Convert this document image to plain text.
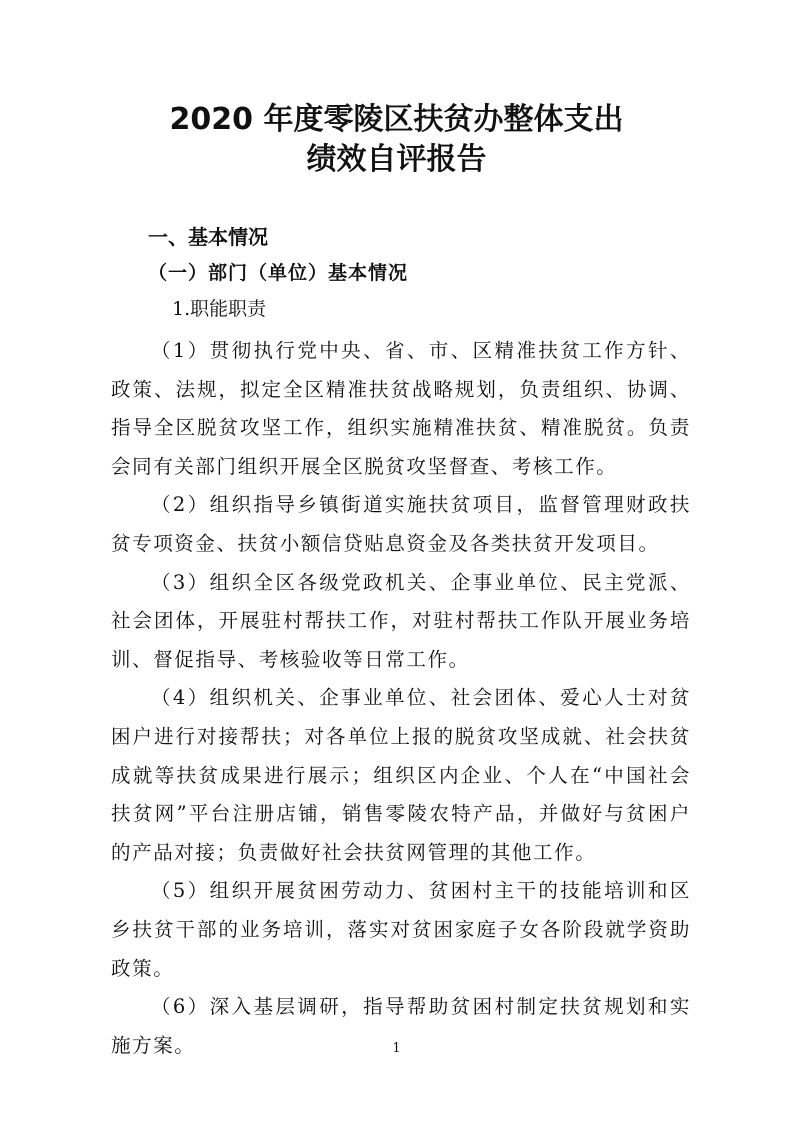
2020 年度零陵区扶贫办整体支出
绩效自评报告
一、基本情况
（一）部门（单位）基本情况
1.职能职责

（1）贯彻执行党中央、省、市、区精准扶贫工作方针、政策、法规，拟定全区精准扶贫战略规划，负责组织、协调、指导全区脱贫攻坚工作，组织实施精准扶贫、精准脱贫。负责会同有关部门组织开展全区脱贫攻坚督查、考核工作。

（2）组织指导乡镇街道实施扶贫项目，监督管理财政扶贫专项资金、扶贫小额信贷贴息资金及各类扶贫开发项目。

（3）组织全区各级党政机关、企事业单位、民主党派、社会团体，开展驻村帮扶工作，对驻村帮扶工作队开展业务培训、督促指导、考核验收等日常工作。

（4）组织机关、企事业单位、社会团体、爱心人士对贫困户进行对接帮扶；对各单位上报的脱贫攻坚成就、社会扶贫成就等扶贫成果进行展示；组织区内企业、个人在“中国社会扶贫网”平台注册店铺，销售零陵农特产品，并做好与贫困户的产品对接；负责做好社会扶贫网管理的其他工作。

（5）组织开展贫困劳动力、贫困村主干的技能培训和区乡扶贫干部的业务培训，落实对贫困家庭子女各阶段就学资助政策。

（6）深入基层调研，指导帮助贫困村制定扶贫规划和实施方案。	1
